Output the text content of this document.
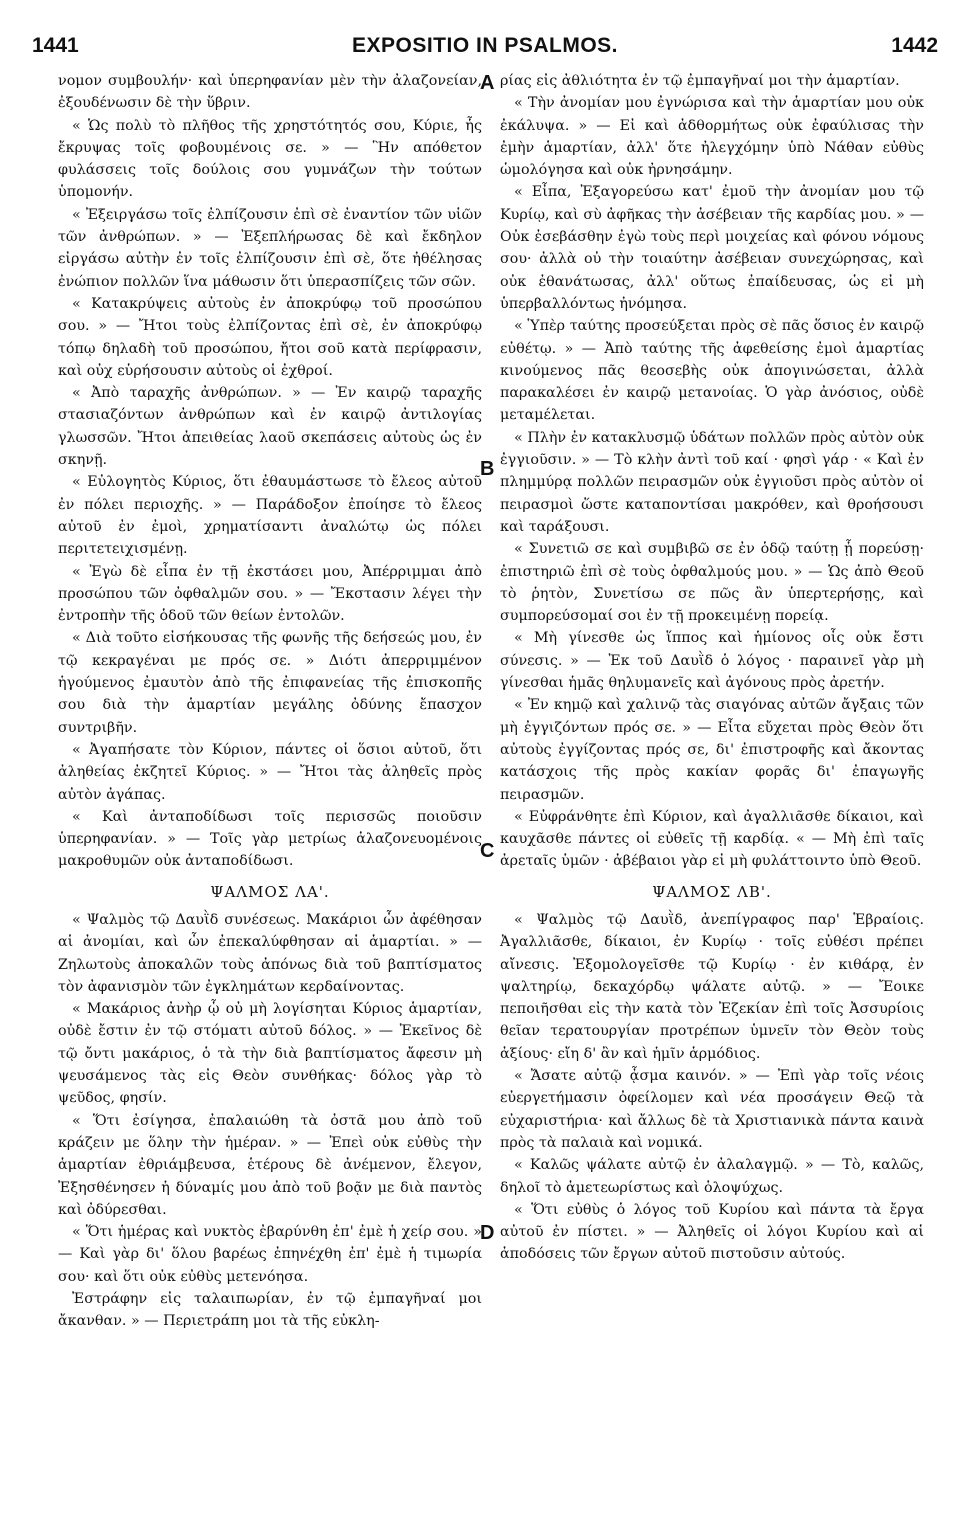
1441	EXPOSITIO IN PSALMOS.	1442

νομον συμβουλήν· καὶ ὑπερηφανίαν μὲν τὴν ἀλαζονείαν, ἐξουδένωσιν δὲ τὴν ὕβριν.

« Ὡς πολὺ τὸ πλῆθος τῆς χρηστότητός σου, Κύριε, ἧς ἔκρυψας τοῖς φοβουμένοις σε. » — Ἣν απόθετον φυλάσσεις τοῖς δούλοις σου γυμνάζων τὴν τούτων ὑπομονήν.

« Ἐξειργάσω τοῖς ἐλπίζουσιν ἐπὶ σὲ ἐναντίον τῶν υἱῶν τῶν ἀνθρώπων. » — Ἐξεπλήρωσας δὲ καὶ ἔκδηλον εἰργάσω αὐτὴν ἐν τοῖς ἐλπίζουσιν ἐπὶ σὲ, ὅτε ἠθέλησας ἐνώπιον πολλῶν ἵνα μάθωσιν ὅτι ὑπερασπίζεις τῶν σῶν.

« Κατακρύψεις αὐτοὺς ἐν ἀποκρύφῳ τοῦ προσώπου σου. » — Ἤτοι τοὺς ἐλπίζοντας ἐπὶ σὲ, ἐν ἀποκρύφῳ τόπῳ δηλαδὴ τοῦ προσώπου, ἤτοι σοῦ κατὰ περίφρασιν, καὶ οὐχ εὑρήσουσιν αὐτοὺς οἱ ἐχθροί.

« Ἀπὸ ταραχῆς ἀνθρώπων. » — Ἐν καιρῷ ταραχῆς στασιαζόντων ἀνθρώπων καὶ ἐν καιρῷ ἀντιλογίας γλωσσῶν. Ἤτοι ἀπειθείας λαοῦ σκεπάσεις αὐτοὺς ὡς ἐν σκηνῇ.

« Εὐλογητὸς Κύριος, ὅτι ἐθαυμάστωσε τὸ ἔλεος αὐτοῦ ἐν πόλει περιοχῆς. » — Παράδοξον ἐποίησε τὸ ἔλεος αὐτοῦ ἐν ἐμοὶ, χρηματίσαντι ἀναλώτῳ ὡς πόλει περιτετειχισμένῃ.

« Ἐγὼ δὲ εἶπα ἐν τῇ ἐκστάσει μου, Ἀπέρριμμαι ἀπὸ προσώπου τῶν ὀφθαλμῶν σου. » — Ἔκστασιν λέγει τὴν ἐντροπὴν τῆς ὁδοῦ τῶν θείων ἐντολῶν.

« Διὰ τοῦτο εἰσήκουσας τῆς φωνῆς τῆς δεήσεώς μου, ἐν τῷ κεκραγέναι με πρός σε. » Διότι ἀπερριμμένον ἡγούμενος ἐμαυτὸν ἀπὸ τῆς ἐπιφανείας τῆς ἐπισκοπῆς σου διὰ τὴν ἁμαρτίαν μεγάλης ὀδύνης ἔπασχον συντριβῆν.

« Ἀγαπήσατε τὸν Κύριον, πάντες οἱ ὅσιοι αὐτοῦ, ὅτι ἀληθείας ἐκζητεῖ Κύριος. » — Ἤτοι τὰς ἀληθεῖς πρὸς αὐτὸν ἀγάπας.

« Καὶ ἀνταποδίδωσι τοῖς περισσῶς ποιοῦσιν ὑπερηφανίαν. » — Τοῖς γὰρ μετρίως ἀλαζονευομένοις μακροθυμῶν οὐκ ἀνταποδίδωσι.

ΨΑΛΜΟΣ ΛΑ'.

« Ψαλμὸς τῷ Δαυῒδ συνέσεως. Μακάριοι ὧν ἀφέθησαν αἱ ἀνομίαι, καὶ ὧν ἐπεκαλύφθησαν αἱ ἁμαρτίαι. » — Ζηλωτοὺς ἀποκαλῶν τοὺς ἀπόνως διὰ τοῦ βαπτίσματος τὸν ἀφανισμὸν τῶν ἐγκλημάτων κερδαίνοντας.

« Μακάριος ἀνὴρ ᾧ οὐ μὴ λογίσηται Κύριος ἁμαρτίαν, οὐδὲ ἔστιν ἐν τῷ στόματι αὐτοῦ δόλος. » — Ἐκεῖνος δὲ τῷ ὄντι μακάριος, ὁ τὰ τὴν διὰ βαπτίσματος ἄφεσιν μὴ ψευσάμενος τὰς εἰς Θεὸν συνθήκας· δόλος γὰρ τὸ ψεῦδος, φησίν.

« Ὅτι ἐσίγησα, ἐπαλαιώθη τὰ ὀστᾶ μου ἀπὸ τοῦ κράζειν με ὅλην τὴν ἡμέραν. » — Ἐπεὶ οὐκ εὐθὺς τὴν ἁμαρτίαν ἐθριάμβευσα, ἑτέρους δὲ ἀνέμενον, ἔλεγον, Ἐξησθένησεν ἡ δύναμίς μου ἀπὸ τοῦ βοᾷν με διὰ παντὸς καὶ ὀδύρεσθαι.

« Ὅτι ἡμέρας καὶ νυκτὸς ἐβαρύνθη ἐπ' ἐμὲ ἡ χείρ σου. » — Καὶ γὰρ δι' ὅλου βαρέως ἐπηνέχθη ἐπ' ἐμὲ ἡ τιμωρία σου· καὶ ὅτι οὐκ εὐθὺς μετενόησα.

Ἐστράφην εἰς ταλαιπωρίαν, ἐν τῷ ἐμπαγῆναί μοι ἄκανθαν. » — Περιετράπη μοι τὰ τῆς εὐκλη-

ρίας εἰς ἀθλιότητα ἐν τῷ ἐμπαγῆναί μοι τὴν ἁμαρτίαν.

« Τὴν ἀνομίαν μου ἐγνώρισα καὶ τὴν ἁμαρτίαν μου οὐκ ἐκάλυψα. » — Εἰ καὶ ἀδθορμήτως οὐκ ἐφαύλισας τὴν ἐμὴν ἁμαρτίαν, ἀλλ' ὅτε ἠλεγχόμην ὑπὸ Νάθαν εὐθὺς ὡμολόγησα καὶ οὐκ ἠρνησάμην.

« Εἶπα, Ἐξαγορεύσω κατ' ἐμοῦ τὴν ἀνομίαν μου τῷ Κυρίῳ, καὶ σὺ ἀφῆκας τὴν ἀσέβειαν τῆς καρδίας μου. » — Οὐκ ἐσεβάσθην ἐγὼ τοὺς περὶ μοιχείας καὶ φόνου νόμους σου· ἀλλὰ οὐ τὴν τοιαύτην ἀσέβειαν συνεχώρησας, καὶ οὐκ ἐθανάτωσας, ἀλλ' οὕτως ἐπαίδευσας, ὡς εἰ μὴ ὑπερβαλλόντως ἠνόμησα.

« Ὑπὲρ ταύτης προσεύξεται πρὸς σὲ πᾶς ὅσιος ἐν καιρῷ εὐθέτῳ. » — Ἀπὸ ταύτης τῆς ἀφεθείσης ἐμοὶ ἁμαρτίας κινούμενος πᾶς θεοσεβὴς οὐκ ἀπογινώσεται, ἀλλὰ παρακαλέσει ἐν καιρῷ μετανοίας. Ὁ γὰρ ἀνόσιος, οὐδὲ μεταμέλεται.

« Πλὴν ἐν κατακλυσμῷ ὑδάτων πολλῶν πρὸς αὐτὸν οὐκ ἐγγιοῦσιν. » — Τὸ κλὴν ἀντὶ τοῦ καί · φησὶ γάρ · « Καὶ ἐν πλημμύρᾳ πολλῶν πειρασμῶν οὐκ ἐγγιοῦσι πρὸς αὐτὸν οἱ πειρασμοὶ ὥστε καταποντίσαι μακρόθεν, καὶ θροήσουσι καὶ ταράξουσι.

« Συνετιῶ σε καὶ συμβιβῶ σε ἐν ὁδῷ ταύτῃ ᾗ πορεύσῃ· ἐπιστηριῶ ἐπὶ σὲ τοὺς ὀφθαλμούς μου. » — Ὡς ἀπὸ Θεοῦ τὸ ῥητὸν, Συνετίσω σε πῶς ἂν ὑπερτερήσῃς, καὶ συμπορεύσομαί σοι ἐν τῇ προκειμένῃ πορείᾳ.

« Μὴ γίνεσθε ὡς ἵππος καὶ ἡμίονος οἷς οὐκ ἔστι σύνεσις. » — Ἐκ τοῦ Δαυῒδ ὁ λόγος · παραινεῖ γὰρ μὴ γίνεσθαι ἡμᾶς θηλυμανεῖς καὶ ἀγόνους πρὸς ἀρετήν.

« Ἐν κημῷ καὶ χαλινῷ τὰς σιαγόνας αὐτῶν ἄγξαις τῶν μὴ ἐγγιζόντων πρός σε. » — Εἶτα εὔχεται πρὸς Θεὸν ὅτι αὐτοὺς ἐγγίζοντας πρός σε, δι' ἐπιστροφῆς καὶ ἄκοντας κατάσχοις τῆς πρὸς κακίαν φορᾶς δι' ἐπαγωγῆς πειρασμῶν.

« Εὐφράνθητε ἐπὶ Κύριον, καὶ ἀγαλλιᾶσθε δίκαιοι, καὶ καυχᾶσθε πάντες οἱ εὐθεῖς τῇ καρδίᾳ. « — Μὴ ἐπὶ ταῖς ἀρεταῖς ὑμῶν · ἀβέβαιοι γὰρ εἰ μὴ φυλάττοιντο ὑπὸ Θεοῦ.

ΨΑΛΜΟΣ ΛΒ'.

« Ψαλμὸς τῷ Δαυῒδ, ἀνεπίγραφος παρ' Ἑβραίοις. Ἀγαλλιᾶσθε, δίκαιοι, ἐν Κυρίῳ · τοῖς εὐθέσι πρέπει αἴνεσις. Ἐξομολογεῖσθε τῷ Κυρίῳ · ἐν κιθάρᾳ, ἐν ψαλτηρίῳ, δεκαχόρδῳ ψάλατε αὐτῷ. » — Ἔοικε πεποιῆσθαι εἰς τὴν κατὰ τὸν Ἐζεκίαν ἐπὶ τοῖς Ἀσσυρίοις θεῖαν τερατουργίαν προτρέπων ὑμνεῖν τὸν Θεὸν τοὺς ἀξίους· εἴη δ' ἂν καὶ ἡμῖν ἁρμόδιος.

« Ἄσατε αὐτῷ ᾆσμα καινόν. » — Ἐπὶ γὰρ τοῖς νέοις εὐεργετήμασιν ὀφείλομεν καὶ νέα προσάγειν Θεῷ τὰ εὐχαριστήρια· καὶ ἄλλως δὲ τὰ Χριστιανικὰ πάντα καινὰ πρὸς τὰ παλαιὰ καὶ νομικά.

« Καλῶς ψάλατε αὐτῷ ἐν ἀλαλαγμῷ. » — Τὸ, καλῶς, δηλοῖ τὸ ἀμετεωρίστως καὶ ὁλοψύχως.

« Ὅτι εὐθὺς ὁ λόγος τοῦ Κυρίου καὶ πάντα τὰ ἔργα αὐτοῦ ἐν πίστει. » — Ἀληθεῖς οἱ λόγοι Κυρίου καὶ αἱ ἀποδόσεις τῶν ἔργων αὐτοῦ πιστοῦσιν αὐτούς.

A
B
C
D
